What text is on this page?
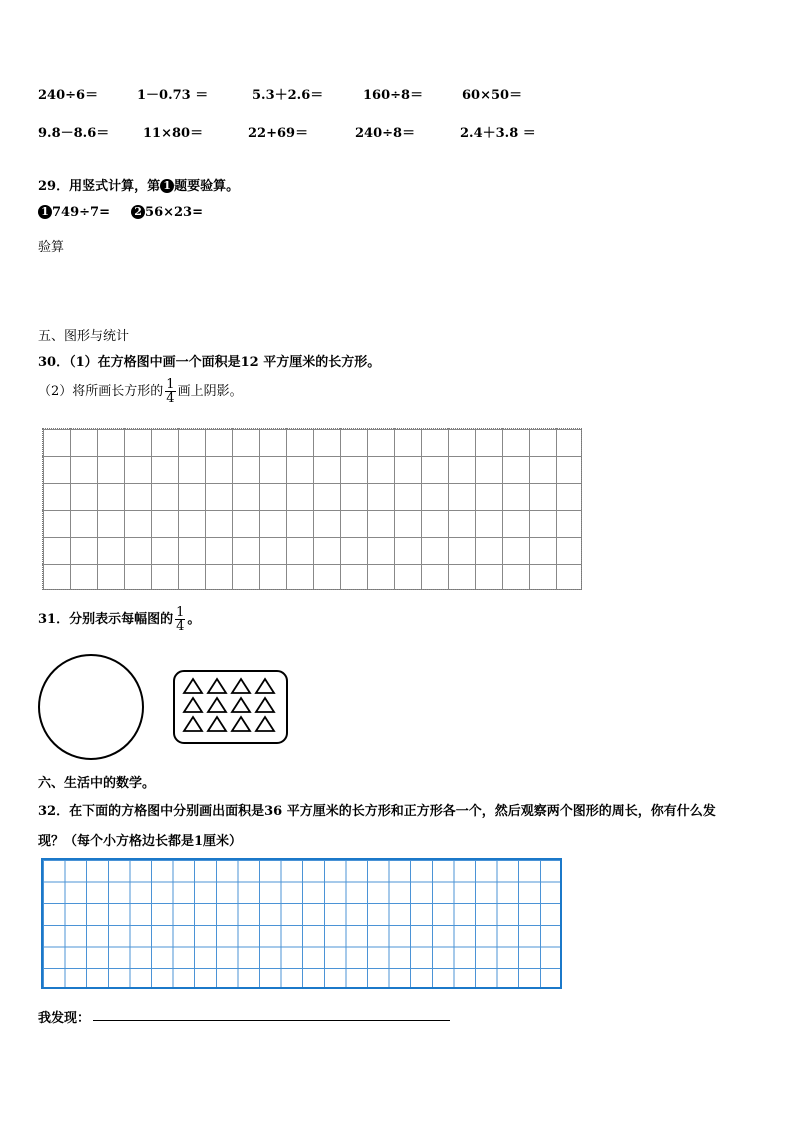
240÷6＝	1－0.73 ＝	5.3＋2.6＝	160÷8＝	60×50＝
9.8－8.6＝	11×80＝	22+69＝	240÷8＝	2.4＋3.8 ＝
29．用竖式计算，第 1 题要验算。
1 749÷7= 2 56×23=
验算
五、图形与统计
30．（1）在方格图中画一个面积是12 平方厘米的长方形。
（2）将所画长方形的 $\frac{1}{4}$ 画上阴影。
31．分别表示每幅图的 $\frac{1}{4}$ 。
六、生活中的数学。
32．在下面的方格图中分别画出面积是36 平方厘米的长方形和正方形各一个，然后观察两个图形的周长，你有什么发
现？（每个小方格边长都是1厘米）
我发现：
